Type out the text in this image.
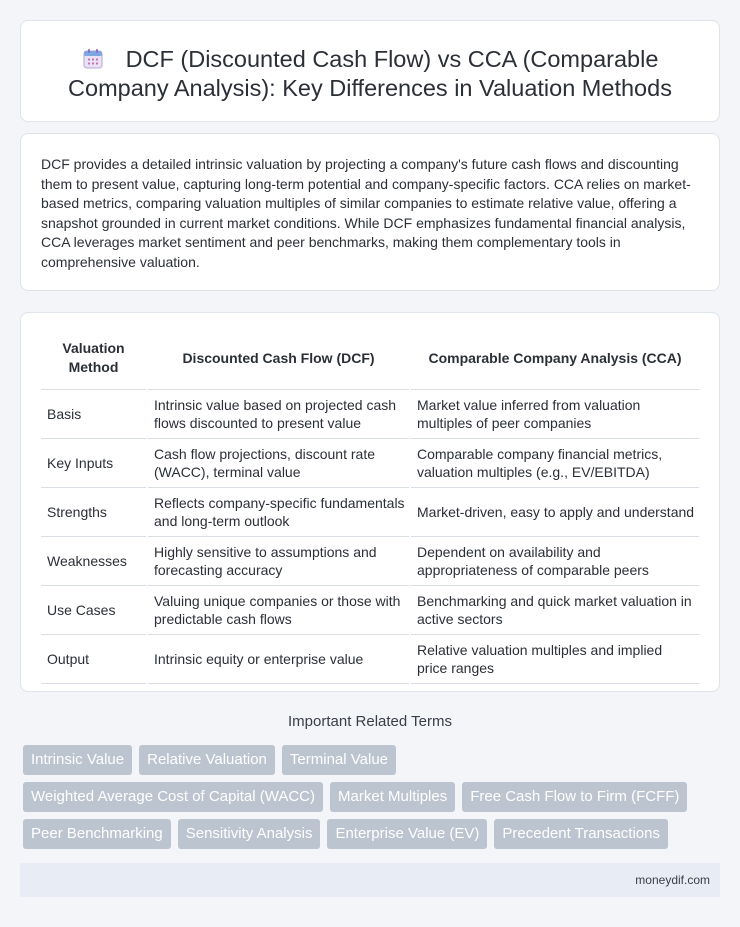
DCF (Discounted Cash Flow) vs CCA (Comparable Company Analysis): Key Differences in Valuation Methods

DCF provides a detailed intrinsic valuation by projecting a company's future cash flows and discounting them to present value, capturing long-term potential and company-specific factors. CCA relies on market-based metrics, comparing valuation multiples of similar companies to estimate relative value, offering a snapshot grounded in current market conditions. While DCF emphasizes fundamental financial analysis, CCA leverages market sentiment and peer benchmarks, making them complementary tools in comprehensive valuation.

Valuation Method	Discounted Cash Flow (DCF)	Comparable Company Analysis (CCA)
Basis	Intrinsic value based on projected cash flows discounted to present value	Market value inferred from valuation multiples of peer companies
Key Inputs	Cash flow projections, discount rate (WACC), terminal value	Comparable company financial metrics, valuation multiples (e.g., EV/EBITDA)
Strengths	Reflects company-specific fundamentals and long-term outlook	Market-driven, easy to apply and understand
Weaknesses	Highly sensitive to assumptions and forecasting accuracy	Dependent on availability and appropriateness of comparable peers
Use Cases	Valuing unique companies or those with predictable cash flows	Benchmarking and quick market valuation in active sectors
Output	Intrinsic equity or enterprise value	Relative valuation multiples and implied price ranges
Important Related Terms
Intrinsic Value	Relative Valuation	Terminal Value
Weighted Average Cost of Capital (WACC)	Market Multiples	Free Cash Flow to Firm (FCFF)
Peer Benchmarking	Sensitivity Analysis	Enterprise Value (EV)	Precedent Transactions
moneydif.com
